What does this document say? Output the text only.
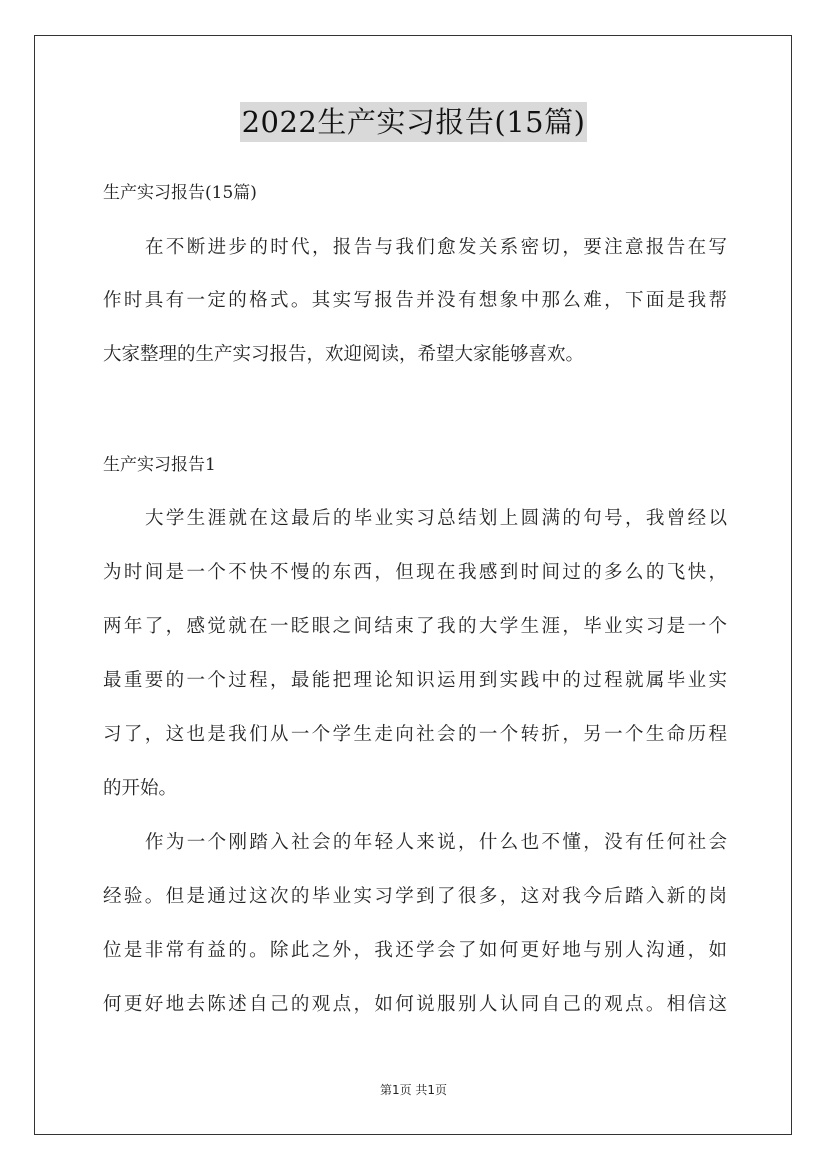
2022生产实习报告(15篇)
生产实习报告(15篇)
在不断进步的时代，报告与我们愈发关系密切，要注意报告在写
作时具有一定的格式。其实写报告并没有想象中那么难，下面是我帮
大家整理的生产实习报告，欢迎阅读，希望大家能够喜欢。
生产实习报告1
大学生涯就在这最后的毕业实习总结划上圆满的句号，我曾经以
为时间是一个不快不慢的东西，但现在我感到时间过的多么的飞快，
两年了，感觉就在一眨眼之间结束了我的大学生涯，毕业实习是一个
最重要的一个过程，最能把理论知识运用到实践中的过程就属毕业实
习了，这也是我们从一个学生走向社会的一个转折，另一个生命历程
的开始。
作为一个刚踏入社会的年轻人来说，什么也不懂，没有任何社会
经验。但是通过这次的毕业实习学到了很多，这对我今后踏入新的岗
位是非常有益的。除此之外，我还学会了如何更好地与别人沟通，如
何更好地去陈述自己的观点，如何说服别人认同自己的观点。相信这
第1页 共1页
